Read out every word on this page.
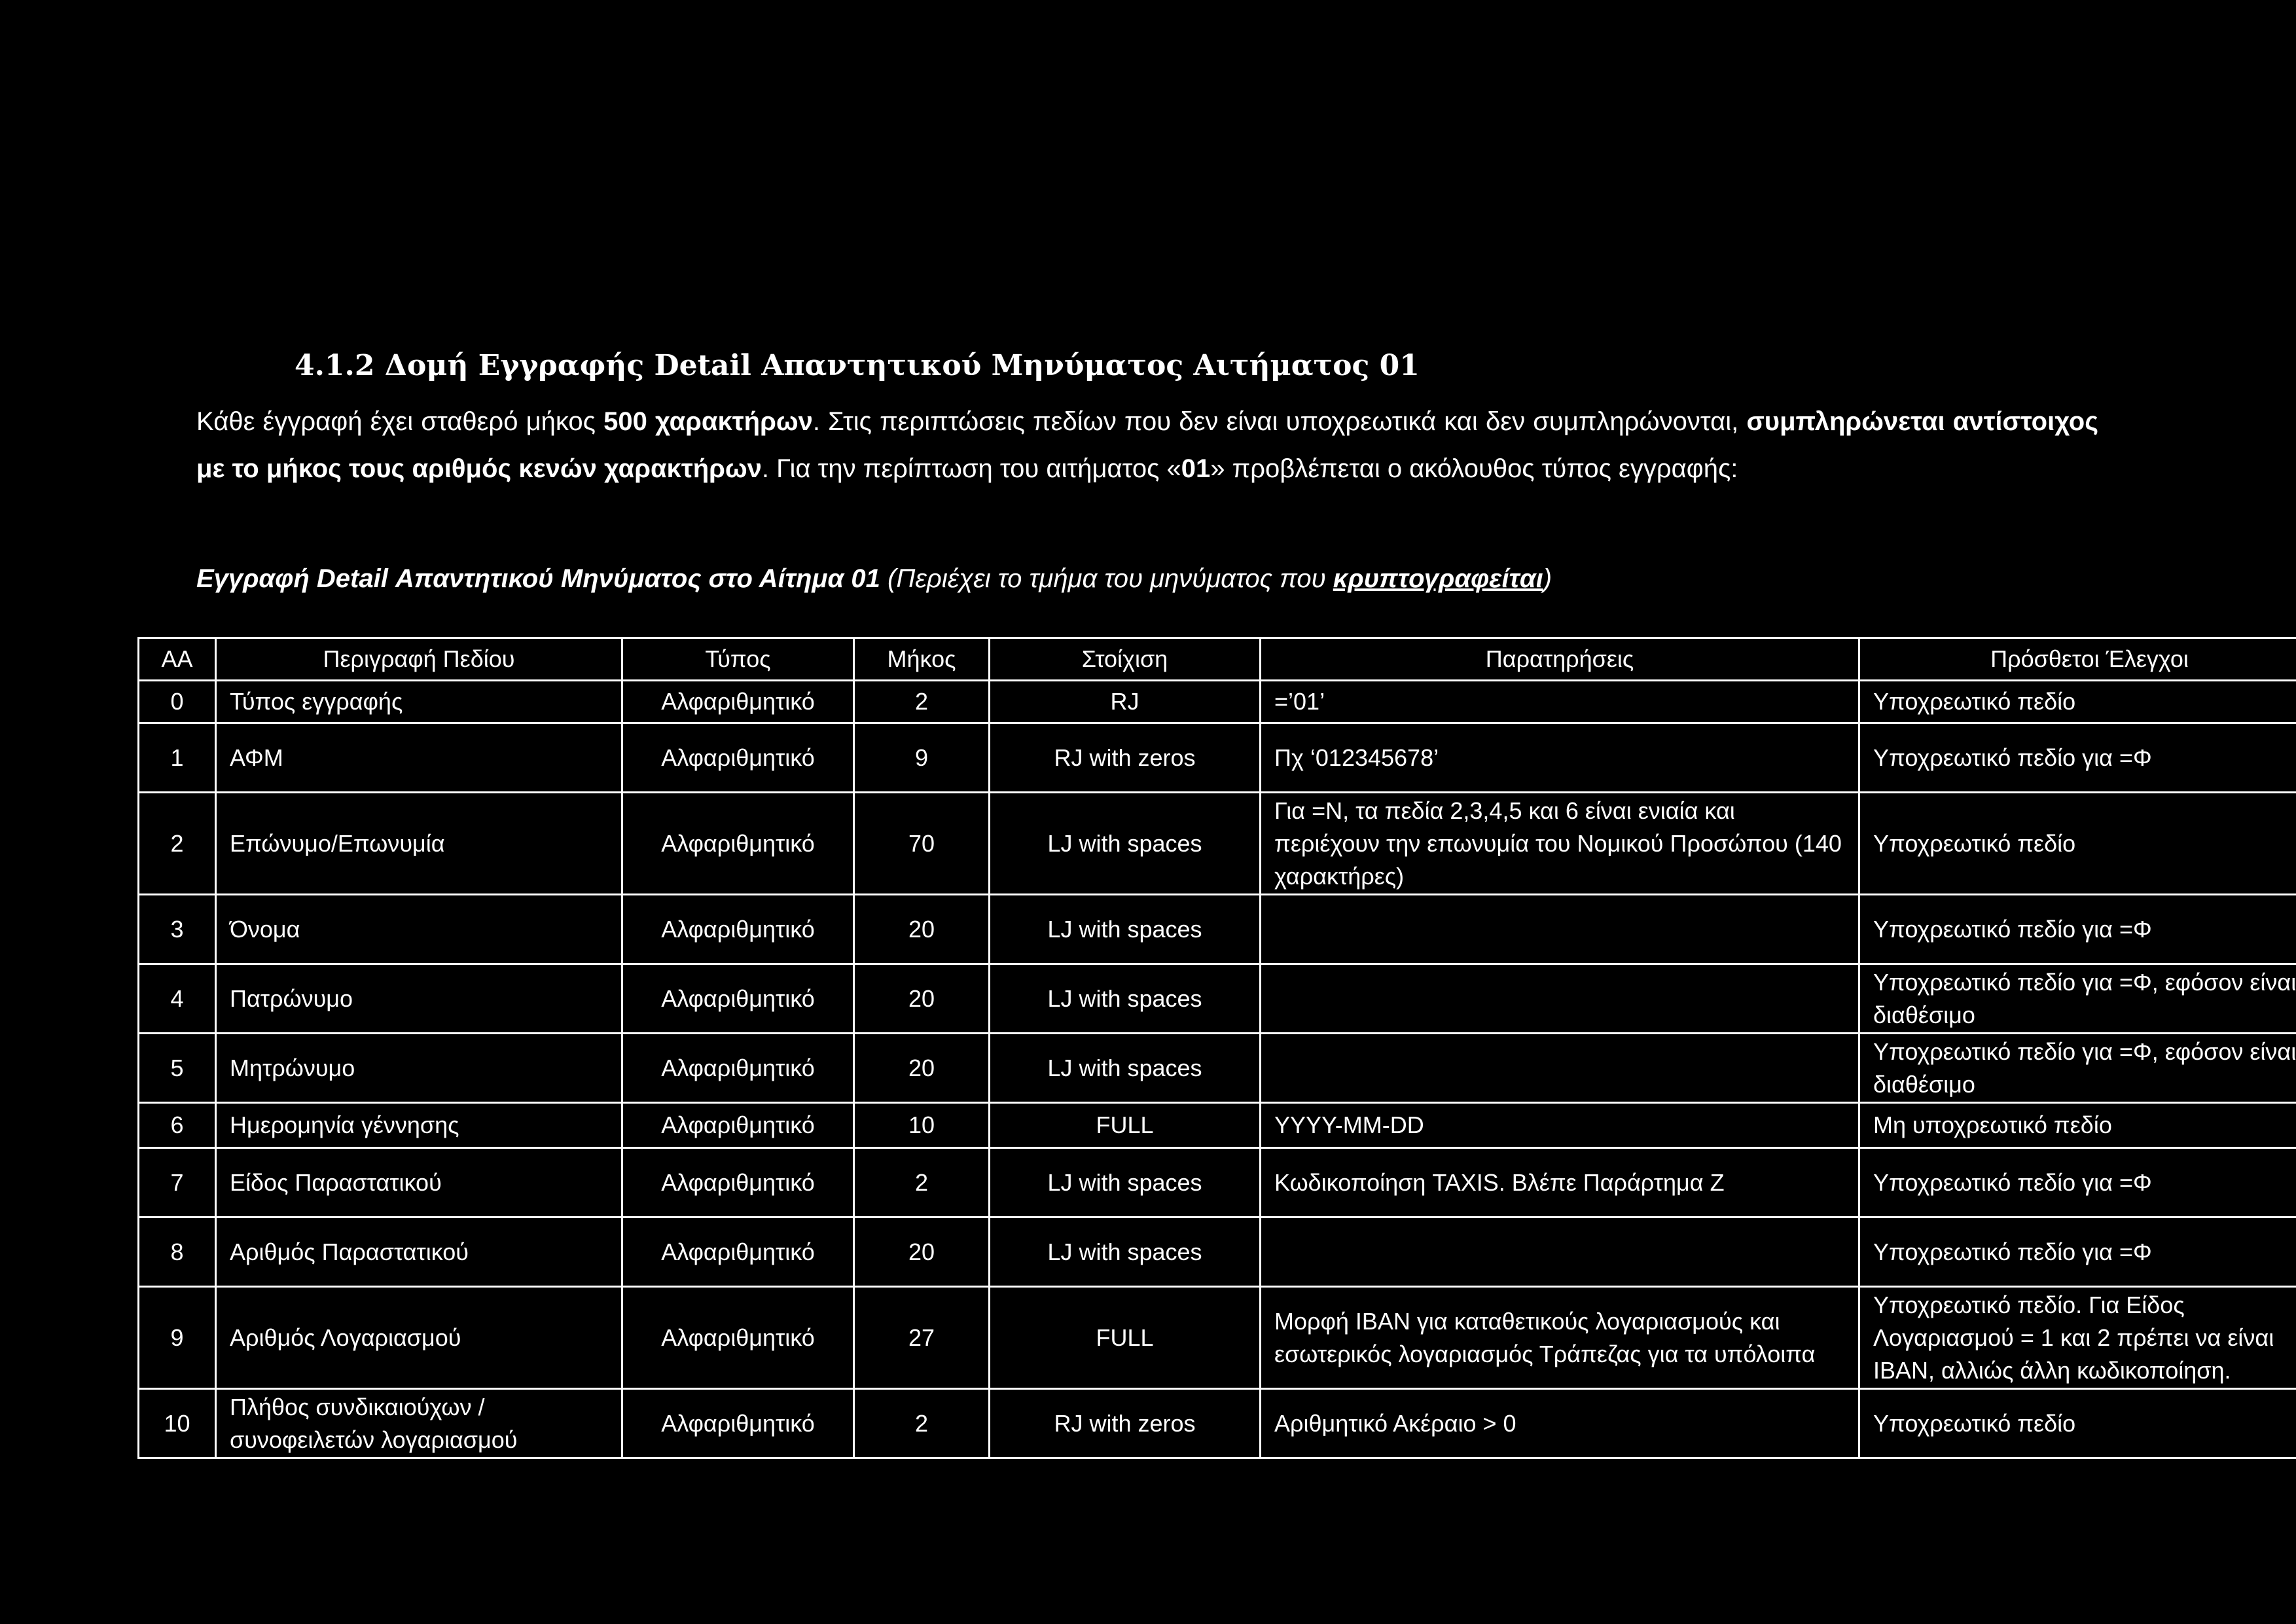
4.1.2 Δομή Εγγραφής Detail Απαντητικού Μηνύματος Αιτήματος 01
Κάθε έγγραφή έχει σταθερό μήκος 500 χαρακτήρων. Στις περιπτώσεις πεδίων που δεν είναι υποχρεωτικά και δεν συμπληρώνονται, συμπληρώνεται αντίστοιχος με το μήκος τους αριθμός κενών χαρακτήρων. Για την περίπτωση του αιτήματος «01» προβλέπεται ο ακόλουθος τύπος εγγραφής:
Εγγραφή Detail Απαντητικού Μηνύματος στο Αίτημα 01 (Περιέχει το τμήμα του μηνύματος που κρυπτογραφείται)
ΑΑ	Περιγραφή Πεδίου	Τύπος	Μήκος	Στοίχιση	Παρατηρήσεις	Πρόσθετοι Έλεγχοι
0	Τύπος εγγραφής	Αλφαριθμητικό	2	RJ	=’01’	Υποχρεωτικό πεδίο
1	ΑΦΜ	Αλφαριθμητικό	9	RJ with zeros	Πχ ‘012345678’	Υποχρεωτικό πεδίο για =Φ
2	Επώνυμο/Επωνυμία	Αλφαριθμητικό	70	LJ with spaces	Για =Ν, τα πεδία 2,3,4,5 και 6 είναι ενιαία και περιέχουν την επωνυμία του Νομικού Προσώπου (140 χαρακτήρες)	Υποχρεωτικό πεδίο
3	Όνομα	Αλφαριθμητικό	20	LJ with spaces		Υποχρεωτικό πεδίο για =Φ
4	Πατρώνυμο	Αλφαριθμητικό	20	LJ with spaces		Υποχρεωτικό πεδίο για =Φ, εφόσον είναι διαθέσιμο
5	Μητρώνυμο	Αλφαριθμητικό	20	LJ with spaces		Υποχρεωτικό πεδίο για =Φ, εφόσον είναι διαθέσιμο
6	Ημερομηνία γέννησης	Αλφαριθμητικό	10	FULL	YYYY-MM-DD	Μη υποχρεωτικό πεδίο
7	Είδος Παραστατικού	Αλφαριθμητικό	2	LJ with spaces	Κωδικοποίηση TAXIS. Βλέπε Παράρτημα Ζ	Υποχρεωτικό πεδίο για =Φ
8	Αριθμός Παραστατικού	Αλφαριθμητικό	20	LJ with spaces		Υποχρεωτικό πεδίο για =Φ
9	Αριθμός Λογαριασμού	Αλφαριθμητικό	27	FULL	Μορφή IBAN για καταθετικούς λογαριασμούς και εσωτερικός λογαριασμός Τράπεζας για τα υπόλοιπα	Υποχρεωτικό πεδίο. Για Είδος Λογαριασμού = 1 και 2 πρέπει να είναι IBAN, αλλιώς άλλη κωδικοποίηση.
10	Πλήθος συνδικαιούχων / συνοφειλετών λογαριασμού	Αλφαριθμητικό	2	RJ with zeros	Αριθμητικό Ακέραιο > 0	Υποχρεωτικό πεδίο
